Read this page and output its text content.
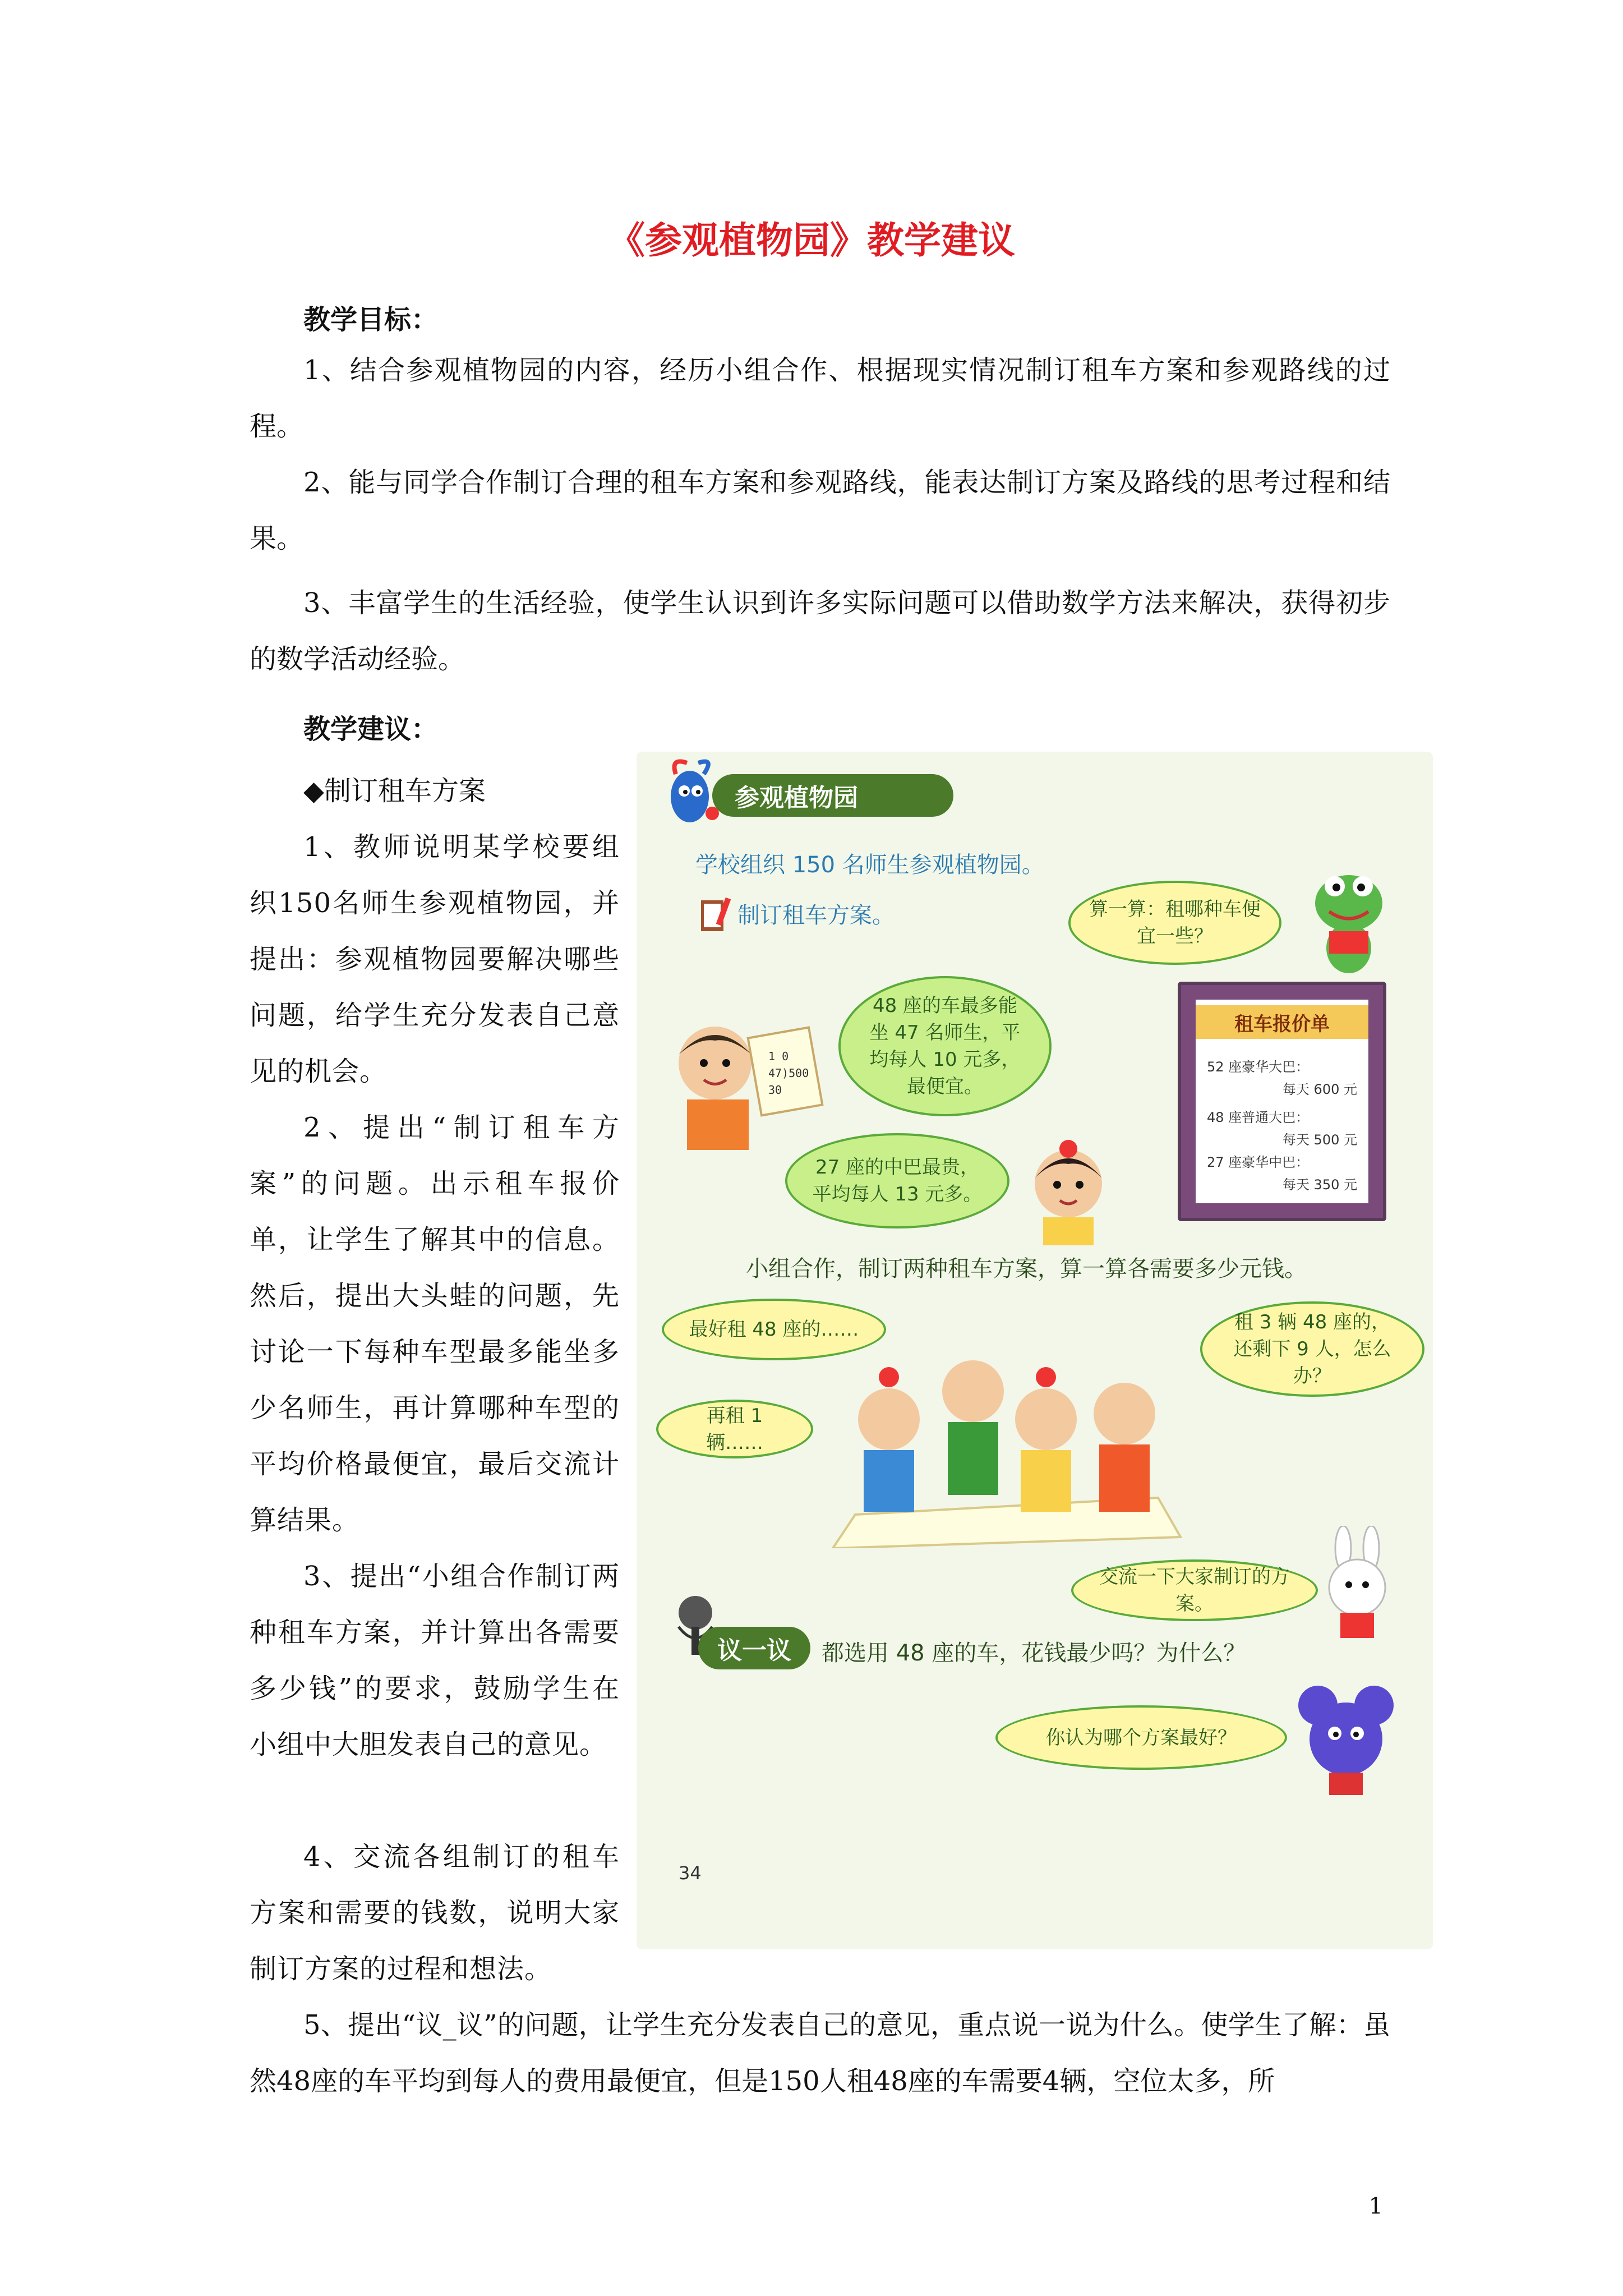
《参观植物园》教学建议
教学目标：
1、结合参观植物园的内容，经历小组合作、根据现实情况制订租车方案和参观路线的过程。
2、能与同学合作制订合理的租车方案和参观路线，能表达制订方案及路线的思考过程和结果。
3、丰富学生的生活经验，使学生认识到许多实际问题可以借助数学方法来解决，获得初步的数学活动经验。
教学建议：
◆制订租车方案
1、教师说明某学校要组织150名师生参观植物园，并提出：参观植物园要解决哪些问题，给学生充分发表自己意见的机会。
2、提出“制订租车方案”的问题。出示租车报价单，让学生了解其中的信息。然后，提出大头蛙的问题，先讨论一下每种车型最多能坐多少名师生，再计算哪种车型的平均价格最便宜，最后交流计算结果。
3、提出“小组合作制订两种租车方案，并计算出各需要多少钱”的要求，鼓励学生在小组中大胆发表自己的意见。
4、交流各组制订的租车方案和需要的钱数，说明大家制订方案的过程和想法。
5、提出“议_议”的问题，让学生充分发表自己的意见，重点说一说为什么。使学生了解：虽然48座的车平均到每人的费用最便宜，但是150人租48座的车需要4辆，空位太多，所
1
参观植物园
学校组织 150 名师生参观植物园。
制订租车方案。	算一算：租哪种车便宜一些？
48 座的车最多能坐 47 名师生，平均每人 10 元多，最便宜。
1 0
47)500
30
租车报价单
52 座豪华大巴：
每天 600 元
48 座普通大巴：
每天 500 元
27 座豪华中巴：
每天 350 元
27 座的中巴最贵，平均每人 13 元多。
小组合作，制订两种租车方案，算一算各需要多少元钱。
最好租 48 座的……	租 3 辆 48 座的，还剩下 9 人，怎么办？
再租 1 辆……
交流一下大家制订的方案。
议一议 都选用 48 座的车，花钱最少吗？为什么？
你认为哪个方案最好？
34
